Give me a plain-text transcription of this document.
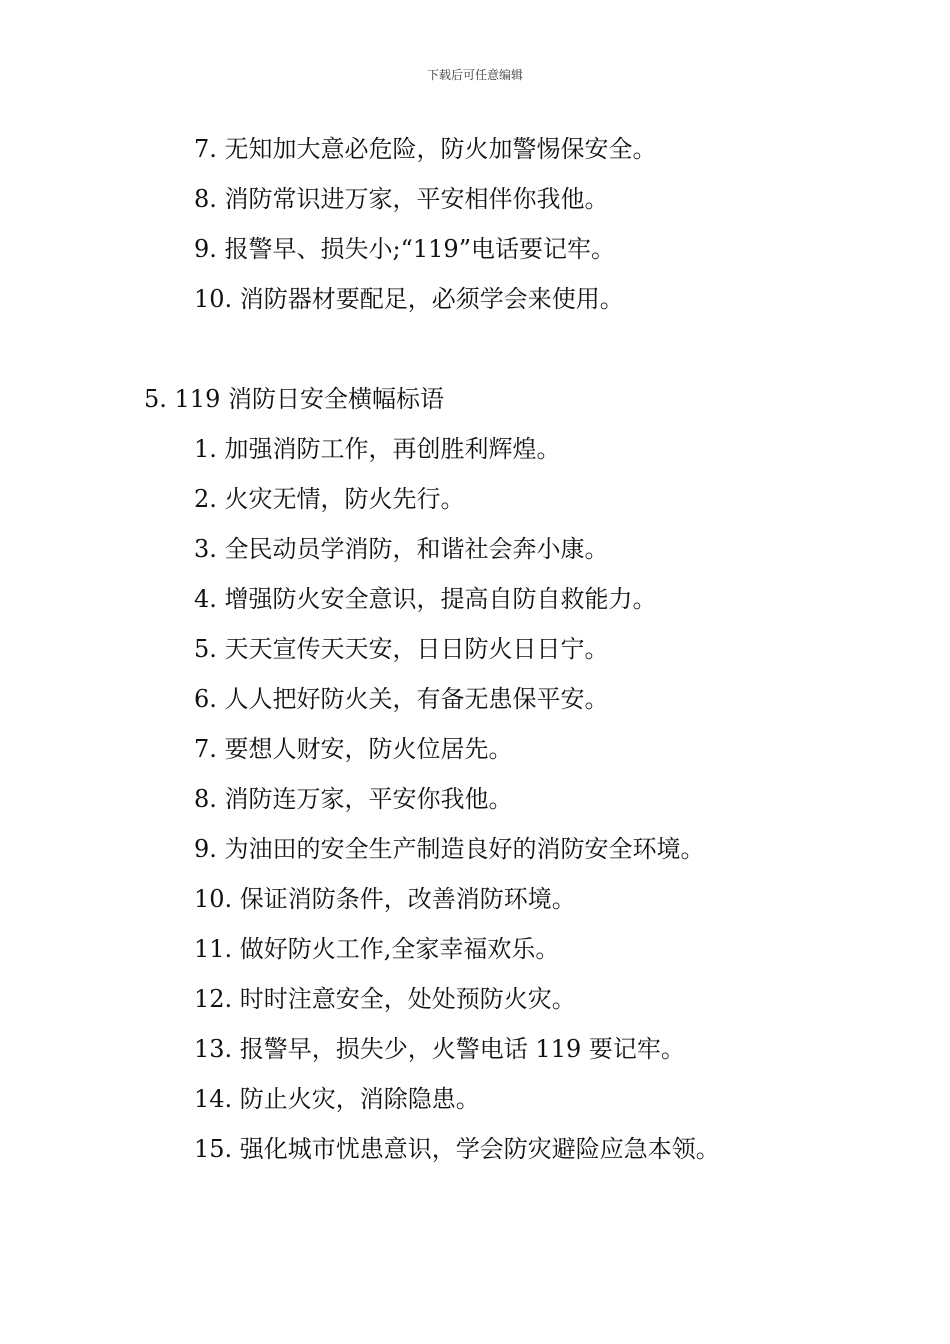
下载后可任意编辑
7. 无知加大意必危险，防火加警惕保安全。
8. 消防常识进万家，平安相伴你我他。
9. 报警早、损失小;“119”电话要记牢。
10. 消防器材要配足，必须学会来使用。
5. 119 消防日安全横幅标语
1. 加强消防工作，再创胜利辉煌。
2. 火灾无情，防火先行。
3. 全民动员学消防，和谐社会奔小康。
4. 增强防火安全意识，提高自防自救能力。
5. 天天宣传天天安，日日防火日日宁。
6. 人人把好防火关，有备无患保平安。
7. 要想人财安，防火位居先。
8. 消防连万家，平安你我他。
9. 为油田的安全生产制造良好的消防安全环境。
10. 保证消防条件，改善消防环境。
11. 做好防火工作,全家幸福欢乐。
12. 时时注意安全，处处预防火灾。
13. 报警早，损失少，火警电话 119 要记牢。
14. 防止火灾，消除隐患。
15. 强化城市忧患意识，学会防灾避险应急本领。
